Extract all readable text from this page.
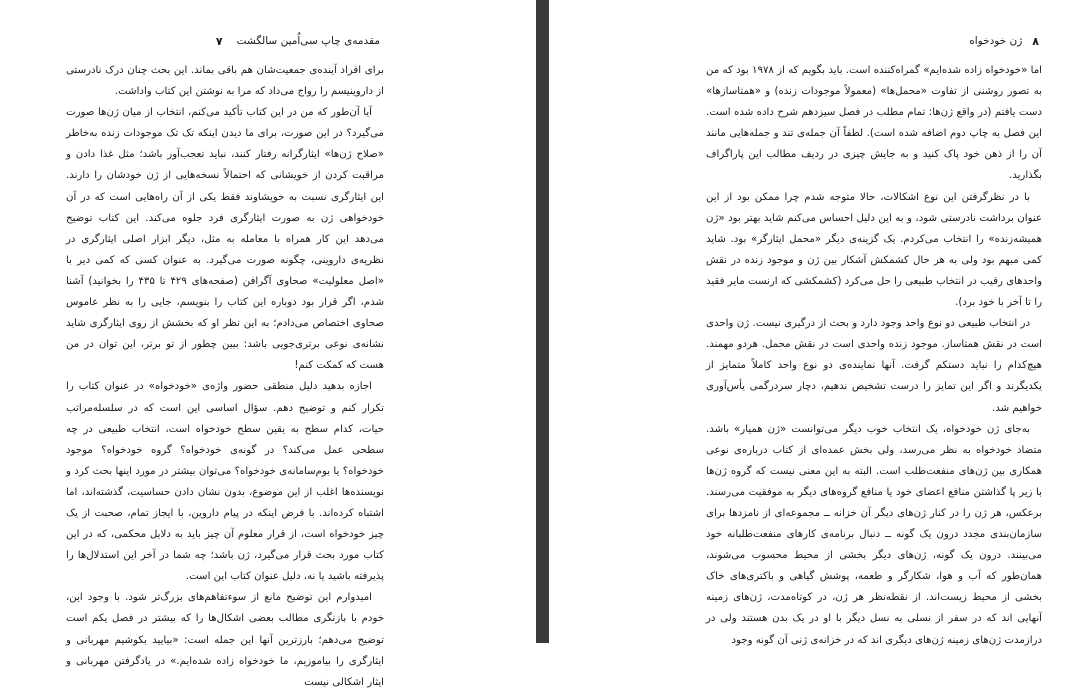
مقدمه‌ی چاپ سی‌اُمین سالگشت
۷

برای افراد آینده‌ی جمعیت‌شان هم باقی بماند. این بحث چنان درک نادرستی از داروینیسم را رواج می‌داد که مرا به نوشتن این کتاب واداشت.

آیا آن‌طور که من در این کتاب تأکید می‌کنم، انتخاب از میان ژن‌ها صورت می‌گیرد؟ در این صورت، برای ما دیدن اینکه تک تک موجودات زنده به‌خاطر «صلاح ژن‌ها» ایثارگرانه رفتار کنند، نباید تعجب‌آور باشد؛ مثل غذا دادن و مراقبت کردن از خویشانی که احتمالاً نسخه‌هایی از ژن خودشان را دارند. این ایثارگری نسبت به خویشاوند فقط یکی از آن راه‌هایی است که در آن خودخواهی ژن به صورت ایثارگری فرد جلوه می‌کند. این کتاب توضیح می‌دهد این کار همراه با معامله به مثل، دیگر ابزار اصلی ایثارگری در نظریه‌ی داروینی، چگونه صورت می‌گیرد. به عنوان کسی که کمی دیر با «اصل معلولیت» صحاوی آگرافن (صفحه‌های ۴۲۹ تا ۴۳۵ را بخوانید) آشنا شدم، اگر قرار بود دوباره این کتاب را بنویسم، جایی را به نظر عاموس صحاوی اختصاص می‌دادم؛ به این نظر او که بخشش از روی ایثارگری شاید نشانه‌ی نوعی برتری‌جویی باشد: ببین چطور از تو برتر، این توان در من هست که کمکت کنم!

اجازه بدهید دلیل منطقی حضور واژه‌ی «خودخواه» در عنوان کتاب را تکرار کنم و توضیح دهم. سؤال اساسی این است که در سلسله‌مراتب حیات، کدام سطح به یقین سطح خودخواه است، انتخاب طبیعی در چه سطحی عمل می‌کند؟ در گونه‌ی خودخواه؟ گروه خودخواه؟ موجود خودخواه؟ یا بوم‌سامانه‌ی خودخواه؟ می‌توان بیشتر در مورد اینها بحث کرد و نویسنده‌ها اغلب از این موضوع، بدون نشان دادن حساسیت، گذشته‌اند، اما اشتباه کرده‌اند. با فرض اینکه در پیام داروین، با ایجاز تمام، صحبت از یک چیز خودخواه است، از قرار معلوم آن چیز باید به دلایل محکمی، که در این کتاب مورد بحث قرار می‌گیرد، ژن باشد؛ چه شما در آخر این استدلال‌ها را پذیرفته باشید یا نه، دلیل عنوان کتاب این است.

امیدوارم این توضیح مانع از سوءتفاهم‌های بزرگ‌تر شود. با وجود این، خودم با بازنگری مطالب بعضی اشکال‌ها را که بیشتر در فصل یکم است توضیح می‌دهم؛ بارزترین آنها این جمله است: «بیایید بکوشیم مهربانی و ایثارگری را بیاموزیم، ما خودخواه زاده شده‌ایم.» در یادگرفتن مهربانی و ایثار اشکالی نیست

۸
ژن خودخواه

اما «خودخواه زاده شده‌ایم» گمراه‌کننده است. باید بگویم که از ۱۹۷۸ بود که من به تصور روشنی از تفاوت «محمل‌ها» (معمولاً موجودات زنده) و «همتاسازها» دست یافتم (در واقع ژن‌ها: تمام مطلب در فصل سیزدهم شرح داده شده است. این فصل به چاپ دوم اضافه شده است). لطفاً آن جمله‌ی تند و جمله‌هایی مانند آن را از ذهن خود پاک کنید و به جایش چیزی در ردیف مطالب این پاراگراف بگذارید.

با در نظرگرفتن این نوع اشکالات، حالا متوجه شدم چرا ممکن بود از این عنوان برداشت نادرستی شود، و به این دلیل احساس می‌کنم شاید بهتر بود «ژن همیشه‌زنده» را انتخاب می‌کردم. یک گزینه‌ی دیگر «محمل ایثارگر» بود. شاید کمی مبهم بود ولی به هر حال کشمکش آشکار بین ژن و موجود زنده در نقش واحدهای رقیب در انتخاب طبیعی را حل می‌کرد (کشمکشی که ارنست مایر فقید را تا آخر با خود برد).

در انتخاب طبیعی دو نوع واحد وجود دارد و بحث از درگیری نیست. ژن واحدی است در نقش همتاساز. موجود زنده واحدی است در نقش محمل. هردو مهمند. هیچ‌کدام را نباید دستکم گرفت. آنها نماینده‌ی دو نوع واحد کاملاً متمایز از یکدیگرند و اگر این تمایز را درست تشخیص ندهیم، دچار سردرگمی یأس‌آوری خواهیم شد.

به‌جای ژن خودخواه، یک انتخاب خوب دیگر می‌توانست «ژن همیار» باشد. متضاد خودخواه به نظر می‌رسد، ولی بخش عمده‌ای از کتاب درباره‌ی نوعی همکاری بین ژن‌های منفعت‌طلب است. البته به این معنی نیست که گروه ژن‌ها با زیر پا گذاشتن منافع اعضای خود یا منافع گروه‌های دیگر به موفقیت می‌رسند. برعکس، هر ژن را در کنار ژن‌های دیگر آن خزانه ــ مجموعه‌ای از نامزدها برای سازمان‌بندی مجدد درون یک گونه ــ دنبال برنامه‌ی کارهای منفعت‌طلبانه خود می‌بینند. درون یک گونه، ژن‌های دیگر بخشی از محیط محسوب می‌شوند، همان‌طور که آب و هوا، شکارگر و طعمه، پوشش گیاهی و باکتری‌های خاک بخشی از محیط زیست‌اند. از نقطه‌نظر هر ژن، در کوتاه‌مدت، ژن‌های زمینه آنهایی اند که در سفر از نسلی به نسل دیگر با او در یک بدن هستند ولی در درازمدت ژن‌های زمینه ژن‌های دیگری اند که در خزانه‌ی ژنی آن گونه وجود
